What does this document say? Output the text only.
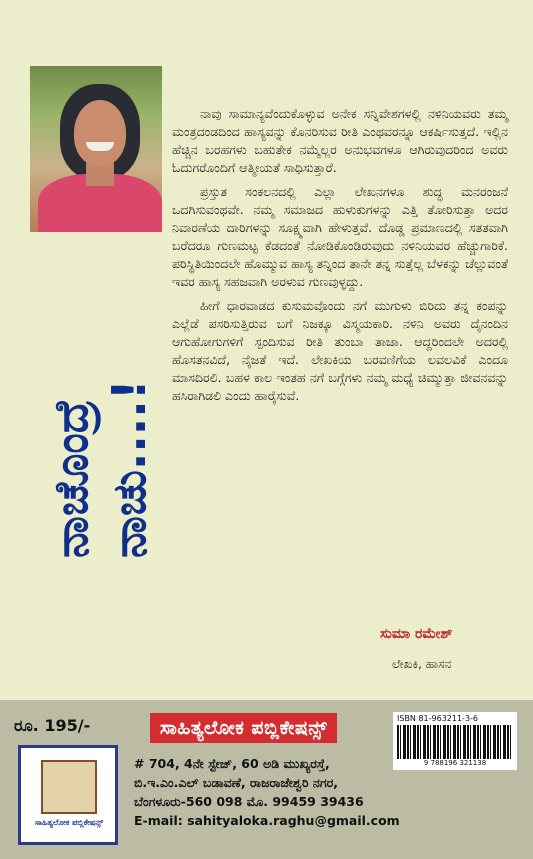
ನಾಚೊಂದ್ರೆ ನಾಚು....!

ನಾವು ಸಾಮಾನ್ಯವೆಂದುಕೊಳ್ಳುವ ಅನೇಕ ಸನ್ನಿವೇಶಗಳಲ್ಲಿ ನಳಿನಿಯವರು ತಮ್ಮ ಮಂತ್ರದಂಡದಿಂದ ಹಾಸ್ಯವನ್ನು ಕೊನರಿಸುವ ರೀತಿ ಎಂಥವರನ್ನೂ ಆಕರ್ಷಿಸುತ್ತದೆ. ಇಲ್ಲಿನ ಹೆಚ್ಚಿನ ಬರಹಗಳು ಬಹುತೇಕ ನಮ್ಮೆಲ್ಲರ ಅನುಭವಗಳೂ ಆಗಿರುವುದರಿಂದ ಅವರು ಓದುಗರೊಂದಿಗೆ ಆತ್ಮೀಯತೆ ಸಾಧಿಸುತ್ತಾರೆ.

ಪ್ರಸ್ತುತ ಸಂಕಲನದಲ್ಲಿ ಎಲ್ಲಾ ಲೇಖನಗಳೂ ಶುದ್ಧ ಮನರಂಜನೆ ಒದಗಿಸುವಂಥವೇ. ನಮ್ಮ ಸಮಾಜದ ಹುಳುಕುಗಳನ್ನು ಎತ್ತಿ ತೋರಿಸುತ್ತಾ ಅದರ ನಿವಾರಣೆಯ ದಾರಿಗಳನ್ನು ಸೂಕ್ಷ್ಮವಾಗಿ ಹೇಳುತ್ತವೆ. ದೊಡ್ಡ ಪ್ರಮಾಣದಲ್ಲಿ ಸತತವಾಗಿ ಬರೆದರೂ ಗುಣಮಟ್ಟ ಕೆಡದಂತೆ ನೋಡಿಕೊಂಡಿರುವುದು ನಳಿನಿಯವರ ಹೆಚ್ಚುಗಾರಿಕೆ. ಪರಿಸ್ಥಿತಿಯಿಂದಲೇ ಹೊಮ್ಮುವ ಹಾಸ್ಯ ತನ್ನಿಂದ ತಾನೇ ತನ್ನ ಸುತ್ತೆಲ್ಲ ಬೆಳಕನ್ನು ಚೆಲ್ಲುವಂತೆ ಇವರ ಹಾಸ್ಯ ಸಹಜವಾಗಿ ಅರಳುವ ಗುಣವುಳ್ಳದ್ದು.

ಹೀಗೆ ಧಾರವಾಡದ ಕುಸುಮವೊಂದು ನಗೆ ಮುಗುಳು ಬಿರಿದು ತನ್ನ ಕಂಪನ್ನು ಎಲ್ಲೆಡೆ ಪಸರಿಸುತ್ತಿರುವ ಬಗೆ ನಿಜಕ್ಕೂ ವಿಸ್ಮಯಕಾರಿ. ನಳಿನಿ ಅವರು ದೈನಂದಿನ ಆಗುಹೋಗುಗಳಿಗೆ ಸ್ಪಂದಿಸುವ ರೀತಿ ತುಂಬಾ ತಾಜಾ. ಆದ್ದರಿಂದಲೇ ಅದರಲ್ಲಿ ಹೊಸತನವಿದೆ, ನೈಜತೆ ಇದೆ. ಲೇಖಕಿಯ ಬರವಣಿಗೆಯ ಲವಲವಿಕೆ ಎಂದೂ ಮಾಸದಿರಲಿ. ಬಹಳ ಕಾಲ ಇಂತಹ ನಗೆ ಬಗ್ಗೆಗಳು ನಮ್ಮ ಮಧ್ಯೆ ಚಿಮ್ಮುತ್ತಾ ಜೀವನವನ್ನು ಹಸಿರಾಗಿಡಲಿ ಎಂದು ಹಾರೈಸುವೆ.

ಸುಮಾ ರಮೇಶ್
ಲೇಖಕಿ, ಹಾಸನ
ರೂ. 195/-	ಸಾಹಿತ್ಯಲೋಕ ಪಬ್ಲಿಕೇಷನ್ಸ್
ಸಾಹಿತ್ಯಲೋಕ ಪಬ್ಲಿಕೇಷನ್ಸ್
# 704, 4ನೇ ಸ್ಟೇಜ್, 60 ಅಡಿ ಮುಖ್ಯರಸ್ತೆ,
ಬಿ.ಇ.ಎಂ.ಎಲ್ ಬಡಾವಣೆ, ರಾಜರಾಜೇಶ್ವರಿ ನಗರ,
ಬೆಂಗಳೂರು-560 098 ಮೊ. 99459 39436
E-mail: sahityaloka.raghu@gmail.com
ISBN 81-963211-3-6
9 788196 321138
